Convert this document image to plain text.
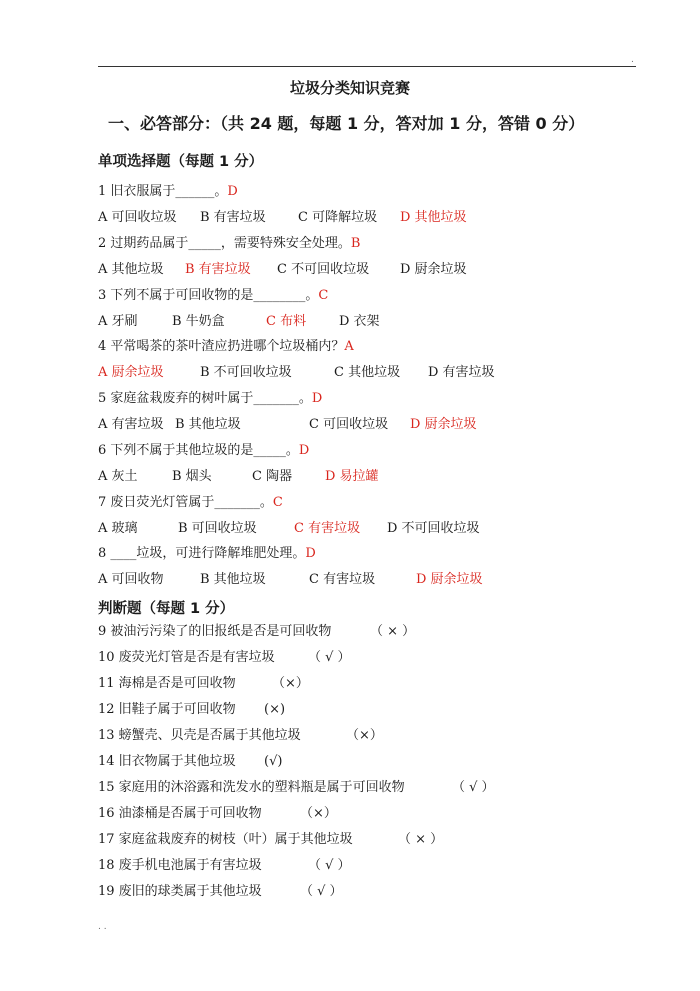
.
垃圾分类知识竞赛
一、必答部分：（共 24 题，每题 1 分，答对加 1 分，答错 0 分）
单项选择题（每题 1 分）
1 旧衣服属于______。D
A 可回收垃圾 B 有害垃圾 C 可降解垃圾 D 其他垃圾
2 过期药品属于_____，需要特殊安全处理。B
A 其他垃圾 B 有害垃圾 C 不可回收垃圾 D 厨余垃圾
3 下列不属于可回收物的是________。C
A 牙刷	B 牛奶盒	C 布料	D 衣架
4 平常喝茶的茶叶渣应扔进哪个垃圾桶内？A
A 厨余垃圾	B 不可回收垃圾	C 其他垃圾 D 有害垃圾
5 家庭盆栽废弃的树叶属于_______。D
A 有害垃圾 B 其他垃圾	C 可回收垃圾 D 厨余垃圾
6 下列不属于其他垃圾的是_____。D
A 灰土	B 烟头	C 陶器	D 易拉罐
7 废日荧光灯管属于_______。C
A 玻璃	B 可回收垃圾	C 有害垃圾 D 不可回收垃圾
8 ____垃圾，可进行降解堆肥处理。D
A 可回收物	B 其他垃圾	C 有害垃圾	D 厨余垃圾
判断题（每题 1 分）
9 被油污污染了的旧报纸是否是可回收物	（ × ）
10 废荧光灯管是否是有害垃圾	（ √ ）
11 海棉是否是可回收物	（×）
12 旧鞋子属于可回收物 (×)
13 螃蟹壳、贝壳是否属于其他垃圾	（×）
14 旧衣物属于其他垃圾 (√)
15 家庭用的沐浴露和洗发水的塑料瓶是属于可回收物	（ √ ）
16 油漆桶是否属于可回收物	（×）
17 家庭盆栽废弃的树枝（叶）属于其他垃圾	（ × ）
18 废手机电池属于有害垃圾	（ √ ）
19 废旧的球类属于其他垃圾	（ √ ）
. .
